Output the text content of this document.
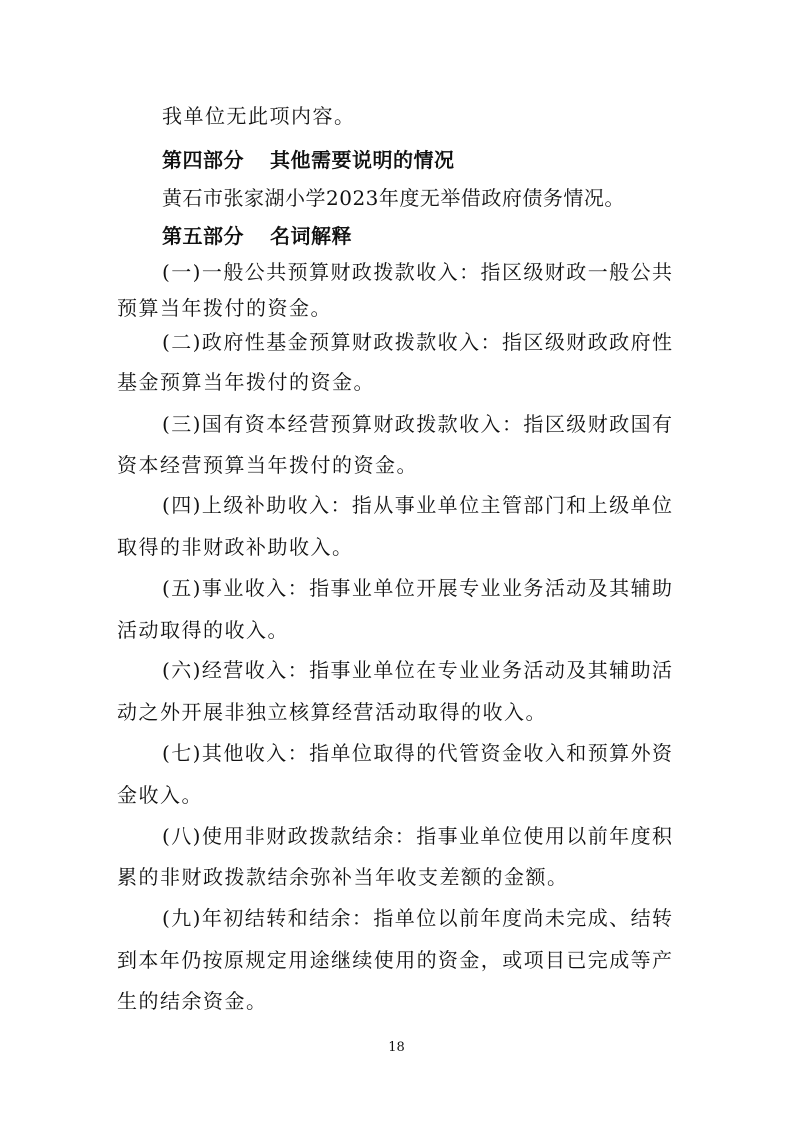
我单位无此项内容。
第四部分 其他需要说明的情况
黄石市张家湖小学2023年度无举借政府债务情况。
第五部分 名词解释
(一)一般公共预算财政拨款收入：指区级财政一般公共
预算当年拨付的资金。
(二)政府性基金预算财政拨款收入：指区级财政政府性
基金预算当年拨付的资金。
(三)国有资本经营预算财政拨款收入：指区级财政国有
资本经营预算当年拨付的资金。
(四)上级补助收入：指从事业单位主管部门和上级单位
取得的非财政补助收入。
(五)事业收入：指事业单位开展专业业务活动及其辅助
活动取得的收入。
(六)经营收入：指事业单位在专业业务活动及其辅助活
动之外开展非独立核算经营活动取得的收入。
(七)其他收入：指单位取得的代管资金收入和预算外资
金收入。
(八)使用非财政拨款结余：指事业单位使用以前年度积
累的非财政拨款结余弥补当年收支差额的金额。
(九)年初结转和结余：指单位以前年度尚未完成、结转
到本年仍按原规定用途继续使用的资金，或项目已完成等产
生的结余资金。
18
